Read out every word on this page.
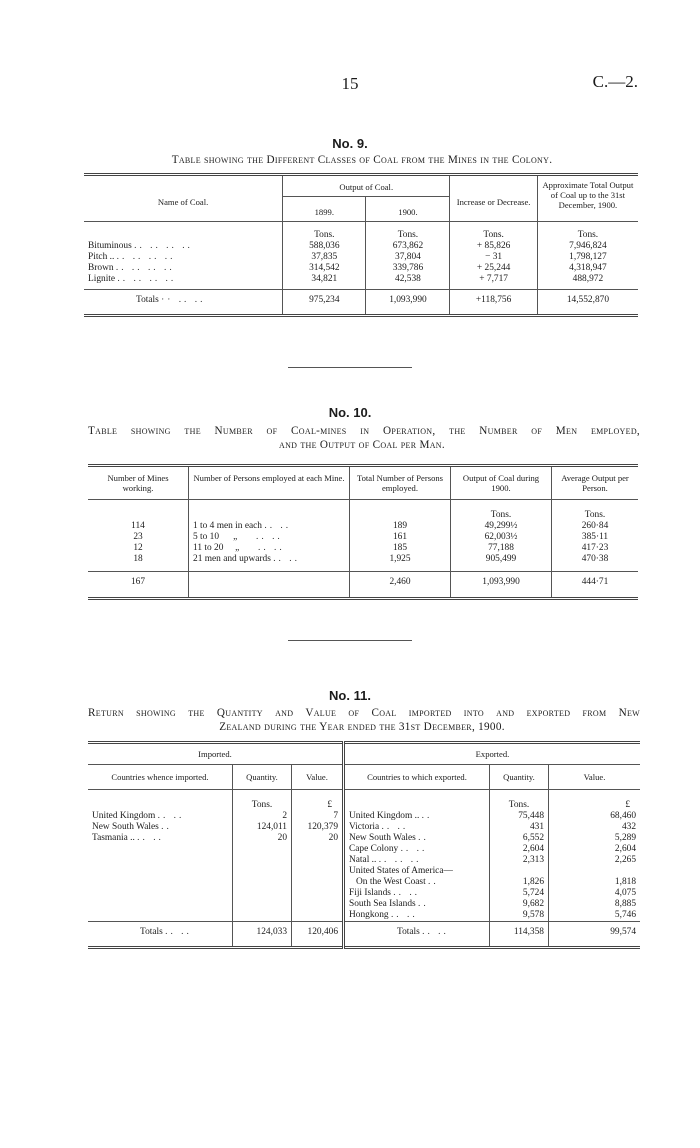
15	C.—2.
No. 9.
Table showing the Different Classes of Coal from the Mines in the Colony.
Name of Coal.	Output of Coal.		Increase or Decrease.	Approximate Total Output of Coal up to the 31st December, 1900.
	1899.	1900.		
	Tons.	Tons.	Tons.	Tons.
Bituminous .. .. .. ..	588,036	673,862	+ 85,826	7,946,824
Pitch .. .. .. .. ..	37,835	37,804	− 31	1,798,127
Brown .. .. .. ..	314,542	339,786	+ 25,244	4,318,947
Lignite .. .. .. ..	34,821	42,538	+ 7,717	488,972
Totals ·· .. ..	975,234	1,093,990	+118,756	14,552,870
No. 10.
Table showing the Number of Coal-mines in Operation, the Number of Men employed,
and the Output of Coal per Man.
Number of Mines working.	Number of Persons employed at each Mine.	Total Number of Persons employed.	Output of Coal during 1900.	Average Output per Person.
			Tons.	Tons.
114	1 to 4 men in each .. ..	189	49,299½	260·84
23	5 to 10      „ .. ..	161	62,003½	385·11
12	11 to 20     „ .. ..	185	77,188	417·23
18	21 men and upwards .. ..	1,925	905,499	470·38
167		2,460	1,093,990	444·71
No. 11.
Return showing the Quantity and Value of Coal imported into and exported from New
Zealand during the Year ended the 31st December, 1900.
Imported.			Exported.		
Countries whence imported.	Quantity.	Value.	Countries to which exported.	Quantity.	Value.
	Tons.	£		Tons.	£
United Kingdom .. ..	2	7	United Kingdom .. ..	75,448	68,460
New South Wales ..	124,011	120,379	Victoria .. ..	431	432
Tasmania .. .. ..	20	20	New South Wales ..	6,552	5,289
			Cape Colony .. ..	2,604	2,604
			Natal .. .. .. ..	2,313	2,265
			United States of America—		
			On the West Coast ..	1,826	1,818
			Fiji Islands .. ..	5,724	4,075
			South Sea Islands ..	9,682	8,885
			Hongkong .. ..	9,578	5,746
Totals .. ..	124,033	120,406	Totals .. ..	114,358	99,574
